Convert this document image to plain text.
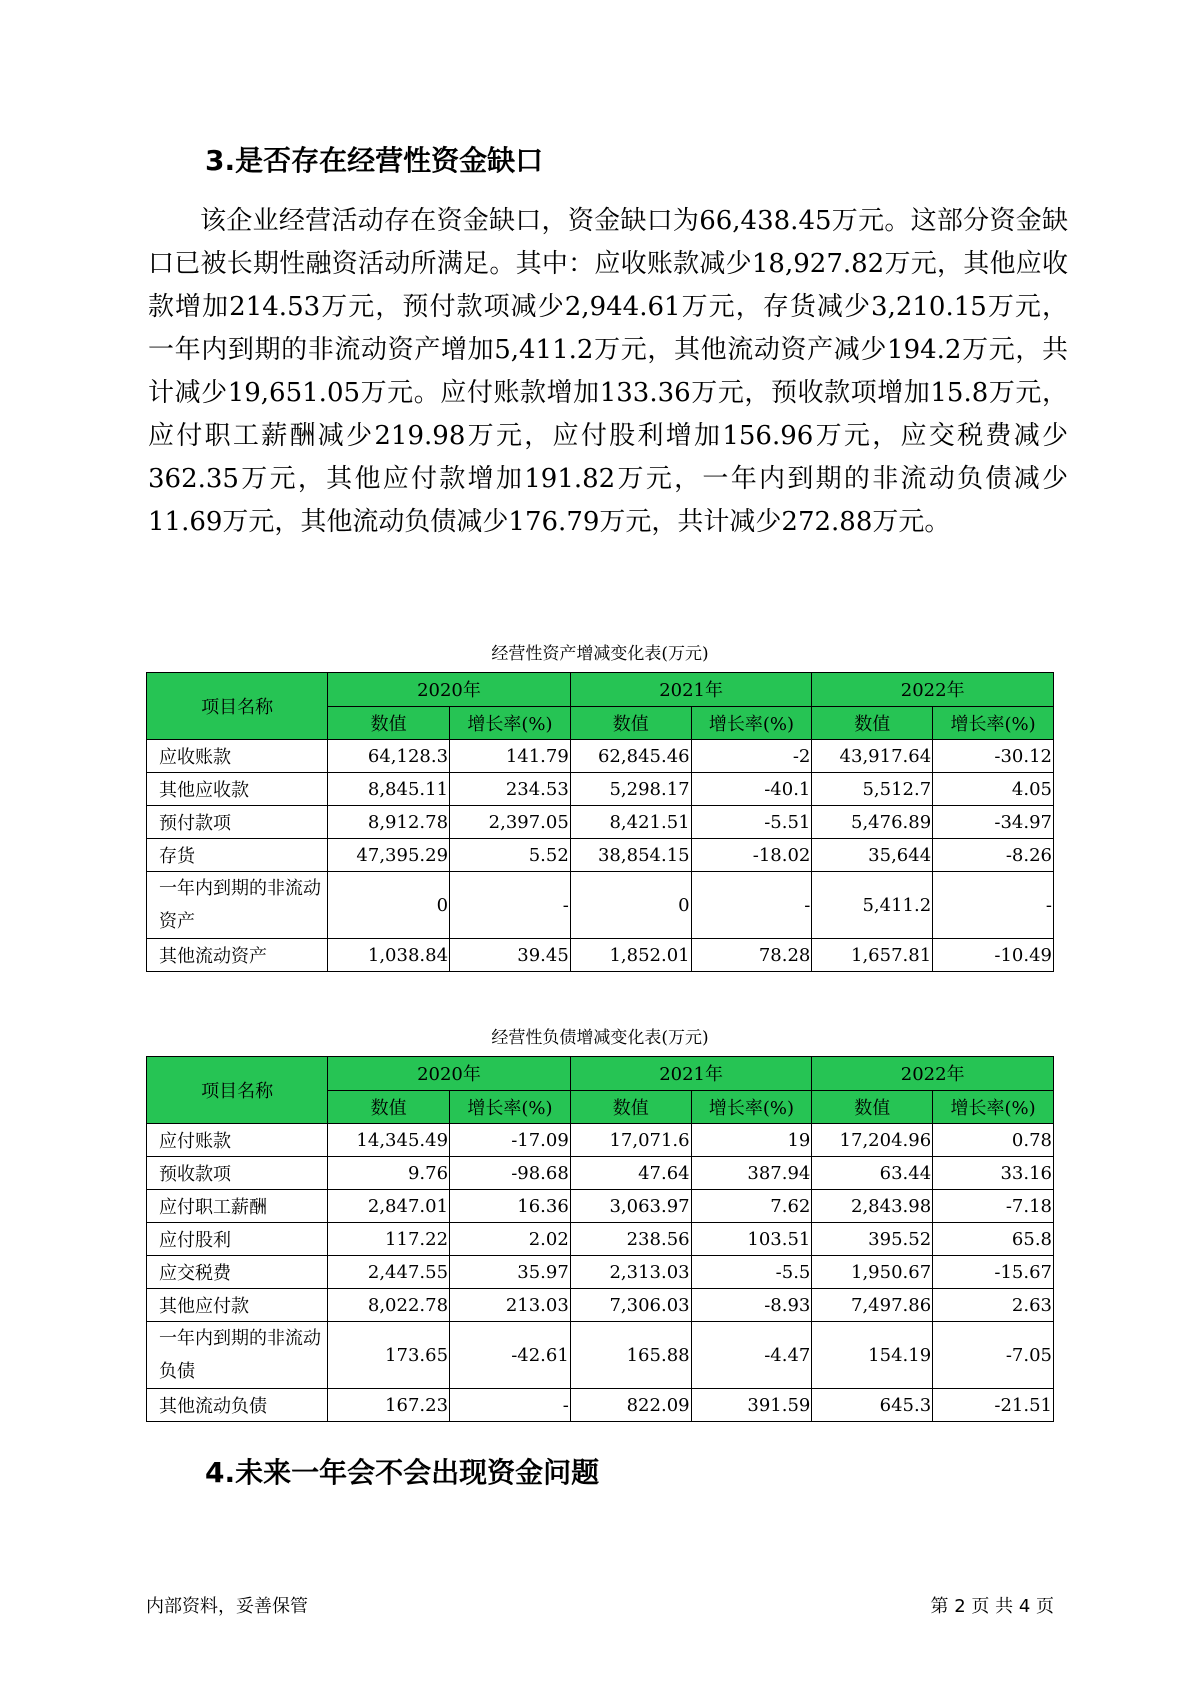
3.是否存在经营性资金缺口

该企业经营活动存在资金缺口，资金缺口为66,438.45万元。这部分资金缺口已被长期性融资活动所满足。其中：应收账款减少18,927.82万元，其他应收款增加214.53万元，预付款项减少2,944.61万元，存货减少3,210.15万元，一年内到期的非流动资产增加5,411.2万元，其他流动资产减少194.2万元，共计减少19,651.05万元。应付账款增加133.36万元，预收款项增加15.8万元，应付职工薪酬减少219.98万元，应付股利增加156.96万元，应交税费减少362.35万元，其他应付款增加191.82万元，一年内到期的非流动负债减少11.69万元，其他流动负债减少176.79万元，共计减少272.88万元。

经营性资产增减变化表(万元)
项目名称	2020年		2021年		2022年	
	数值	增长率(%)	数值	增长率(%)	数值	增长率(%)
应收账款	64,128.3	141.79	62,845.46	-2	43,917.64	-30.12
其他应收款	8,845.11	234.53	5,298.17	-40.1	5,512.7	4.05
预付款项	8,912.78	2,397.05	8,421.51	-5.51	5,476.89	-34.97
存货	47,395.29	5.52	38,854.15	-18.02	35,644	-8.26
一年内到期的非流动资产	0	-	0	-	5,411.2	-
其他流动资产	1,038.84	39.45	1,852.01	78.28	1,657.81	-10.49
经营性负债增减变化表(万元)
项目名称	2020年		2021年		2022年	
	数值	增长率(%)	数值	增长率(%)	数值	增长率(%)
应付账款	14,345.49	-17.09	17,071.6	19	17,204.96	0.78
预收款项	9.76	-98.68	47.64	387.94	63.44	33.16
应付职工薪酬	2,847.01	16.36	3,063.97	7.62	2,843.98	-7.18
应付股利	117.22	2.02	238.56	103.51	395.52	65.8
应交税费	2,447.55	35.97	2,313.03	-5.5	1,950.67	-15.67
其他应付款	8,022.78	213.03	7,306.03	-8.93	7,497.86	2.63
一年内到期的非流动负债	173.65	-42.61	165.88	-4.47	154.19	-7.05
其他流动负债	167.23	-	822.09	391.59	645.3	-21.51
4.未来一年会不会出现资金问题
内部资料，妥善保管	第 2 页 共 4 页
